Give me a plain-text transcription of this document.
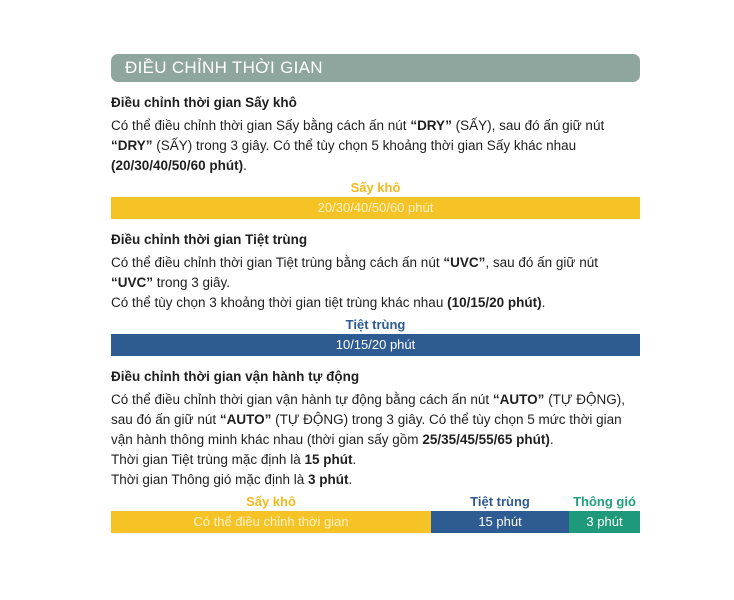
ĐIỀU CHỈNH THỜI GIAN
Điều chỉnh thời gian Sấy khô
Có thể điều chỉnh thời gian Sấy bằng cách ấn nút “DRY” (SẤY), sau đó ấn giữ nút
“DRY” (SẤY) trong 3 giây. Có thể tùy chọn 5 khoảng thời gian Sấy khác nhau
(20/30/40/50/60 phút).
Sấy khô
20/30/40/50/60 phút
Điều chỉnh thời gian Tiệt trùng
Có thể điều chỉnh thời gian Tiệt trùng bằng cách ấn nút “UVC”, sau đó ấn giữ nút
“UVC” trong 3 giây.
Có thể tùy chọn 3 khoảng thời gian tiệt trùng khác nhau (10/15/20 phút).
Tiệt trùng
10/15/20 phút
Điều chỉnh thời gian vận hành tự động
Có thể điều chỉnh thời gian vận hành tự động bằng cách ấn nút “AUTO” (TỰ ĐỘNG),
sau đó ấn giữ nút “AUTO” (TỰ ĐỘNG) trong 3 giây. Có thể tùy chọn 5 mức thời gian
vận hành thông minh khác nhau (thời gian sấy gồm 25/35/45/55/65 phút).
Thời gian Tiệt trùng mặc định là 15 phút.
Thời gian Thông gió mặc định là 3 phút.
Sấy khô	Tiệt trùng	Thông gió
Có thể điều chỉnh thời gian	15 phút	3 phút
